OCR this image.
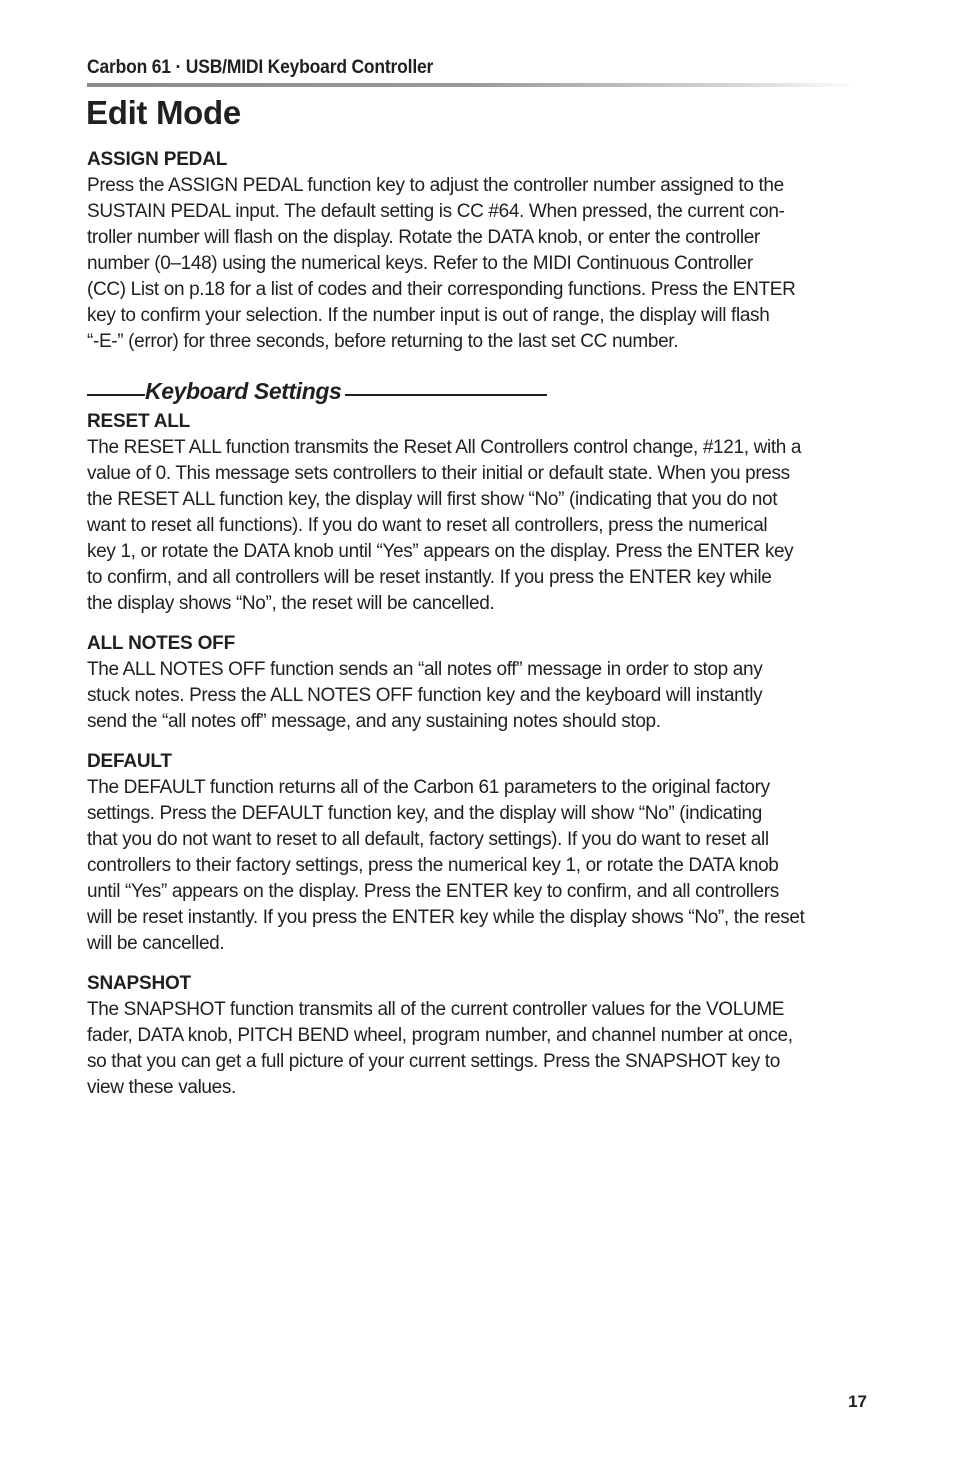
Carbon 61 · USB/MIDI Keyboard Controller
Edit Mode
ASSIGN PEDAL

Press the ASSIGN PEDAL function key to adjust the controller number assigned to the
SUSTAIN PEDAL input. The default setting is CC #64. When pressed, the current con-
troller number will flash on the display. Rotate the DATA knob, or enter the controller
number (0–148) using the numerical keys. Refer to the MIDI Continuous Controller
(CC) List on p.18 for a list of codes and their corresponding functions. Press the ENTER
key to confirm your selection. If the number input is out of range, the display will flash
“-E-” (error) for three seconds, before returning to the last set CC number.

Keyboard Settings
RESET ALL

The RESET ALL function transmits the Reset All Controllers control change, #121, with a
value of 0. This message sets controllers to their initial or default state. When you press
the RESET ALL function key, the display will first show “No” (indicating that you do not
want to reset all functions). If you do want to reset all controllers, press the numerical
key 1, or rotate the DATA knob until “Yes” appears on the display. Press the ENTER key
to confirm, and all controllers will be reset instantly. If you press the ENTER key while
the display shows “No”, the reset will be cancelled.

ALL NOTES OFF

The ALL NOTES OFF function sends an “all notes off” message in order to stop any
stuck notes. Press the ALL NOTES OFF function key and the keyboard will instantly
send the “all notes off” message, and any sustaining notes should stop.

DEFAULT

The DEFAULT function returns all of the Carbon 61 parameters to the original factory
settings. Press the DEFAULT function key, and the display will show “No” (indicating
that you do not want to reset to all default, factory settings). If you do want to reset all
controllers to their factory settings, press the numerical key 1, or rotate the DATA knob
until “Yes” appears on the display. Press the ENTER key to confirm, and all controllers
will be reset instantly. If you press the ENTER key while the display shows “No”, the reset
will be cancelled.

SNAPSHOT

The SNAPSHOT function transmits all of the current controller values for the VOLUME
fader, DATA knob, PITCH BEND wheel, program number, and channel number at once,
so that you can get a full picture of your current settings. Press the SNAPSHOT key to
view these values.

17
